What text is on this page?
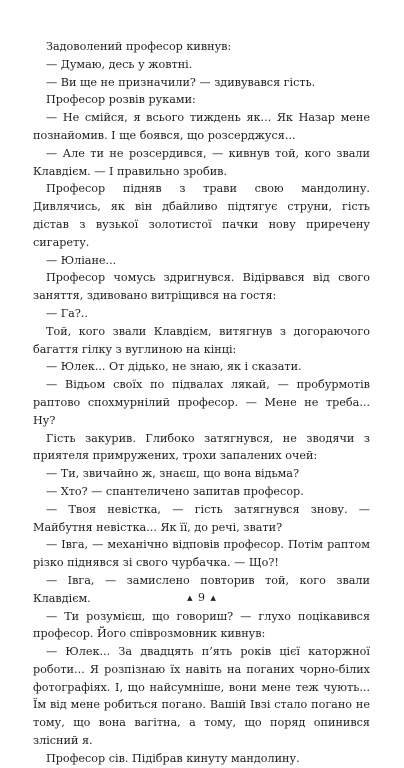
Задоволений професор кивнув:

— Думаю, десь у жовтні.

— Ви ще не призначили? — здивувався гість.

Професор розвів руками:

— Не смійся, я всього тиждень як... Як Назар мене познайомив. І ще боявся, що розсерджуся...

— Але ти не розсердився, — кивнув той, кого звали Клавдієм. — І правильно зробив.

Професор підняв з трави свою мандолину. Дивлячись, як він дбайливо підтягує струни, гість дістав з вузької золотистої пачки нову приречену сигарету.

— Юліане...

Професор чомусь здригнувся. Відірвався від свого заняття, здивовано витріщився на гостя:

— Га?..

Той, кого звали Клавдієм, витягнув з догораючого багаття гілку з вуглиною на кінці:

— Юлек... От дідько, не знаю, як і сказати.

— Відьом своїх по підвалах лякай, — пробурмотів раптово спохмурнілий професор. — Мене не треба... Ну?

Гість закурив. Глибоко затягнувся, не зводячи з приятеля примружених, трохи запалених очей:

— Ти, звичайно ж, знаєш, що вона відьма?

— Хто? — спантеличено запитав професор.

— Твоя невістка, — гість затягнувся знову. — Майбутня невістка... Як її, до речі, звати?

— Івга, — механічно відповів професор. Потім раптом різко піднявся зі свого чурбачка. — Що?!

— Івга, — замислено повторив той, кого звали Клавдієм.

— Ти розумієш, що говориш? — глухо поцікавився професор. Його співрозмовник кивнув:

— Юлек... За двадцять п’ять років цієї каторжної роботи... Я розпізнаю їх навіть на поганих чорно-білих фотографіях. І, що найсумніше, вони мене теж чують... Їм від мене робиться погано. Вашій Івзі стало погано не тому, що вона вагітна, а тому, що поряд опинився злісний я.

Професор сів. Підібрав кинуту мандолину.

▲ 9 ▲
